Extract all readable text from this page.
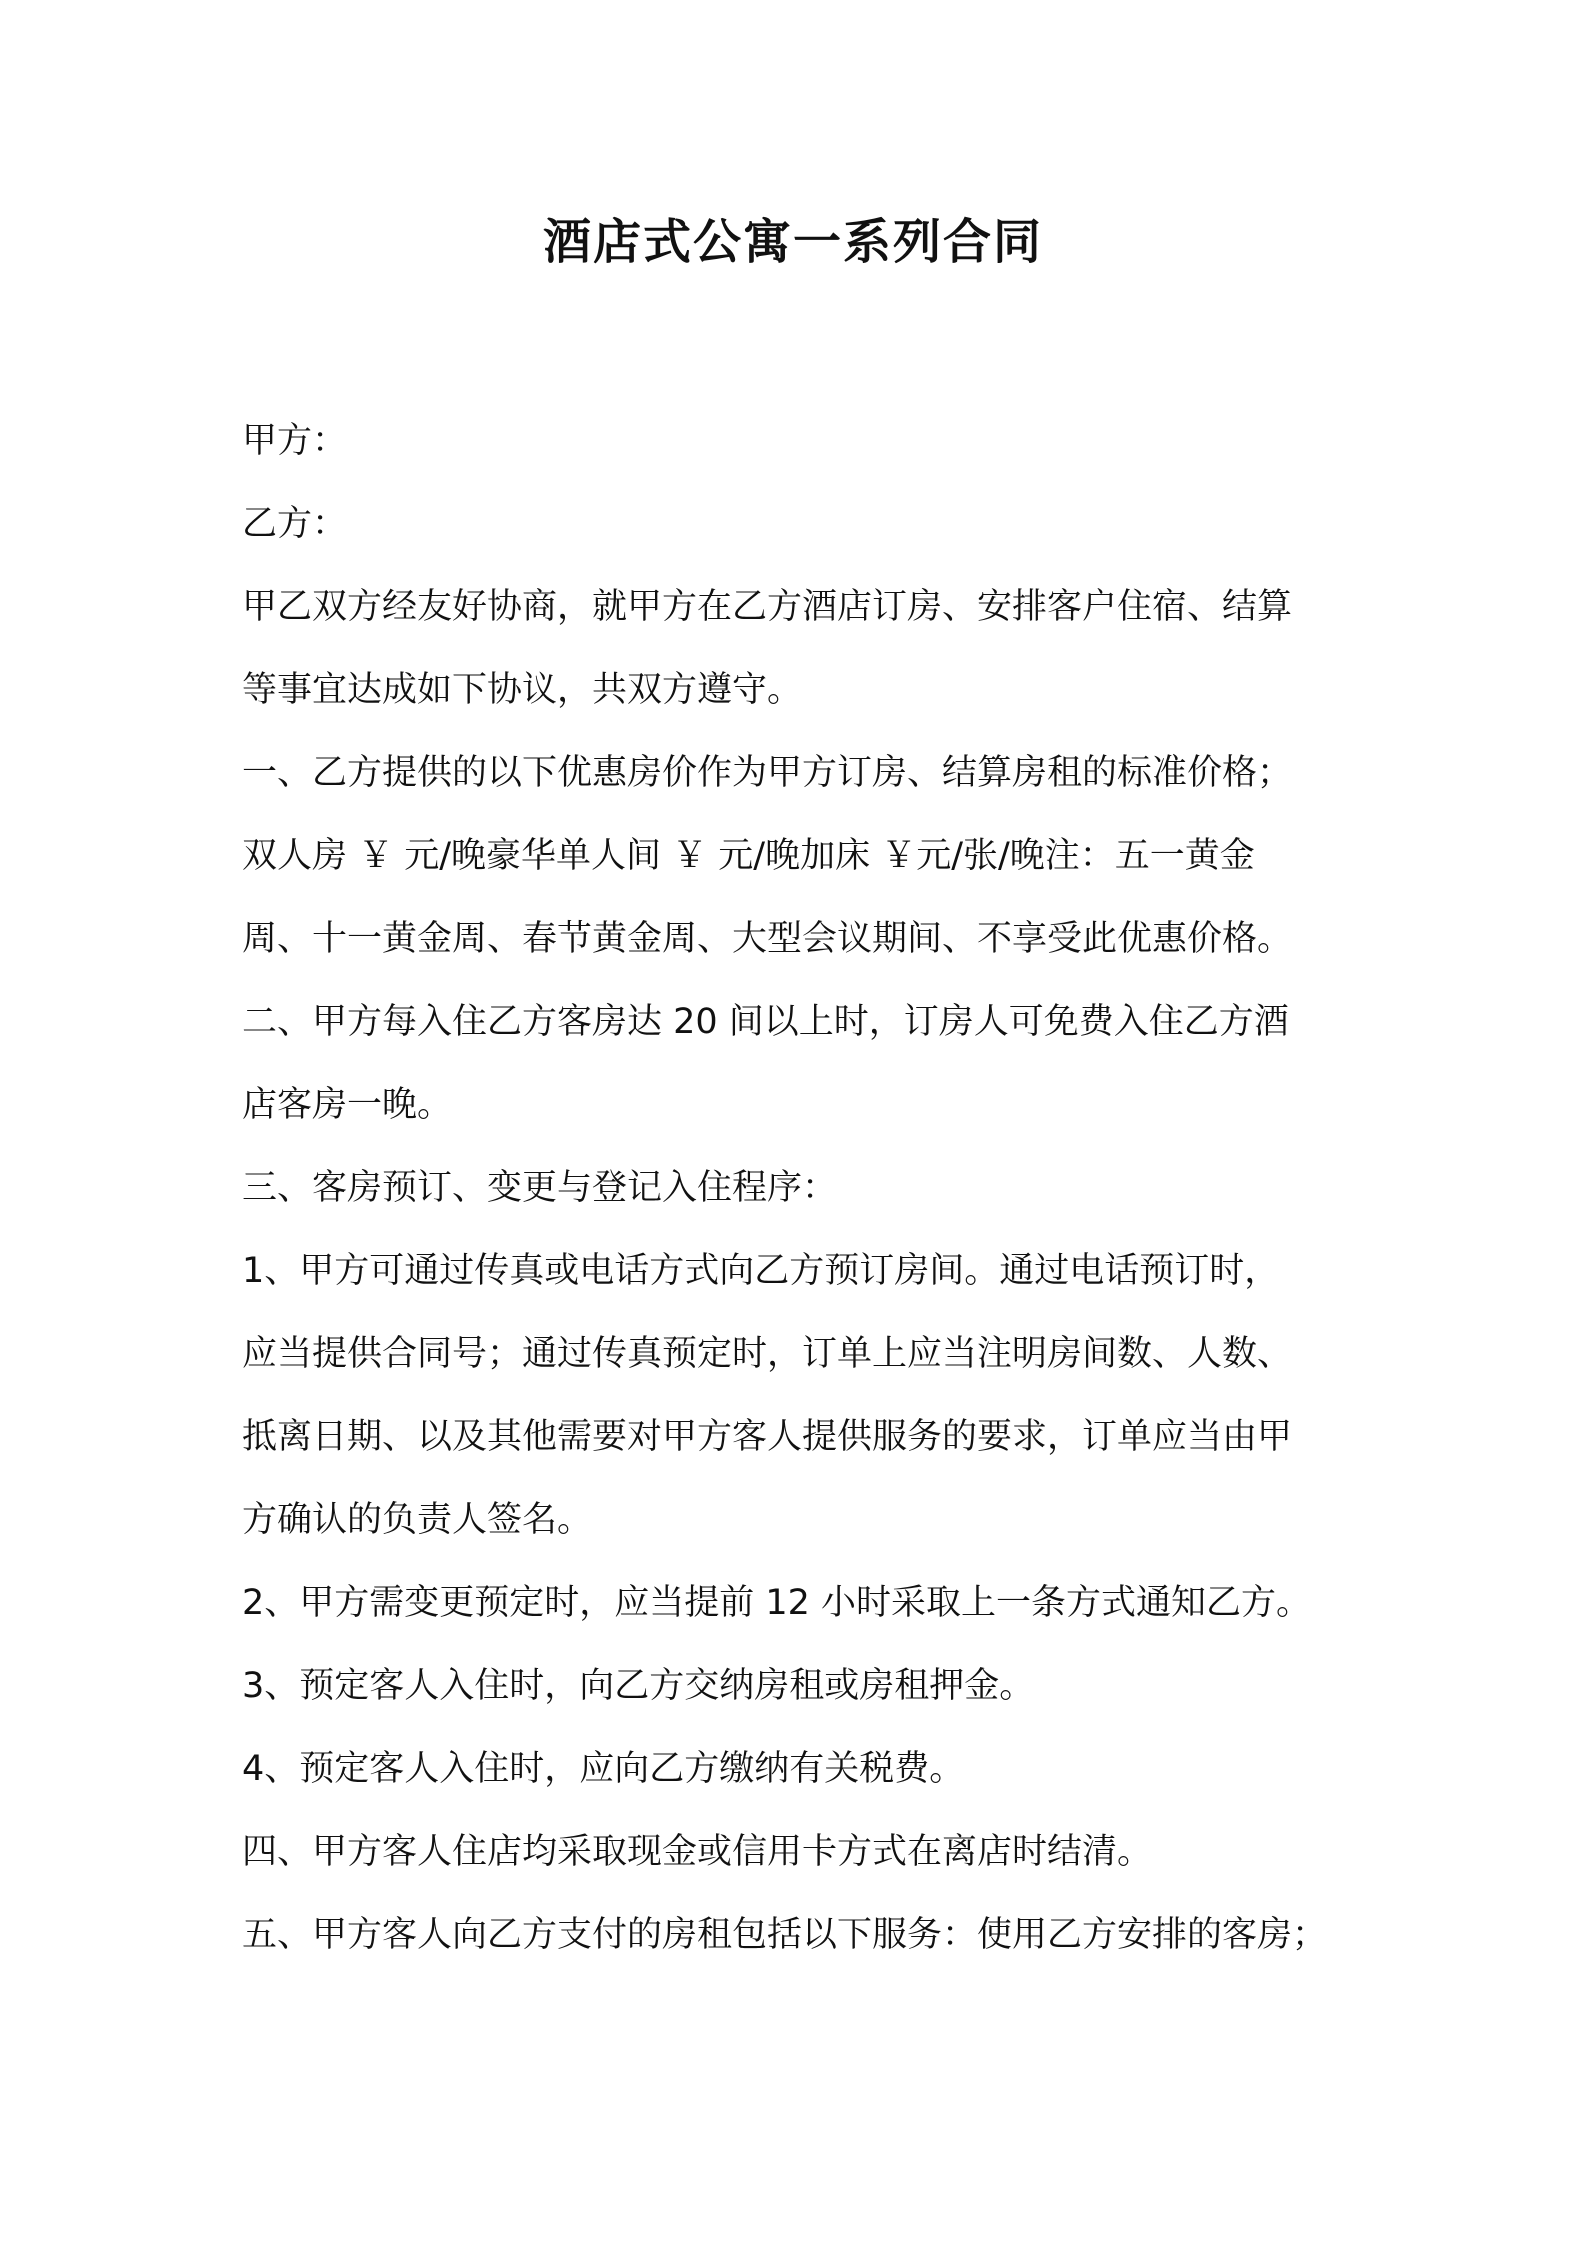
酒店式公寓一系列合同
甲方：
乙方：
甲乙双方经友好协商，就甲方在乙方酒店订房、安排客户住宿、结算
等事宜达成如下协议，共双方遵守。
一、乙方提供的以下优惠房价作为甲方订房、结算房租的标准价格；
双人房 ￥ 元/晚豪华单人间 ￥ 元/晚加床 ￥元/张/晚注：五一黄金
周、十一黄金周、春节黄金周、大型会议期间、不享受此优惠价格。
二、甲方每入住乙方客房达 20 间以上时，订房人可免费入住乙方酒
店客房一晚。
三、客房预订、变更与登记入住程序：
1、甲方可通过传真或电话方式向乙方预订房间。通过电话预订时，
应当提供合同号；通过传真预定时，订单上应当注明房间数、人数、
抵离日期、以及其他需要对甲方客人提供服务的要求，订单应当由甲
方确认的负责人签名。
2、甲方需变更预定时，应当提前 12 小时采取上一条方式通知乙方。
3、预定客人入住时，向乙方交纳房租或房租押金。
4、预定客人入住时，应向乙方缴纳有关税费。
四、甲方客人住店均采取现金或信用卡方式在离店时结清。
五、甲方客人向乙方支付的房租包括以下服务：使用乙方安排的客房；
